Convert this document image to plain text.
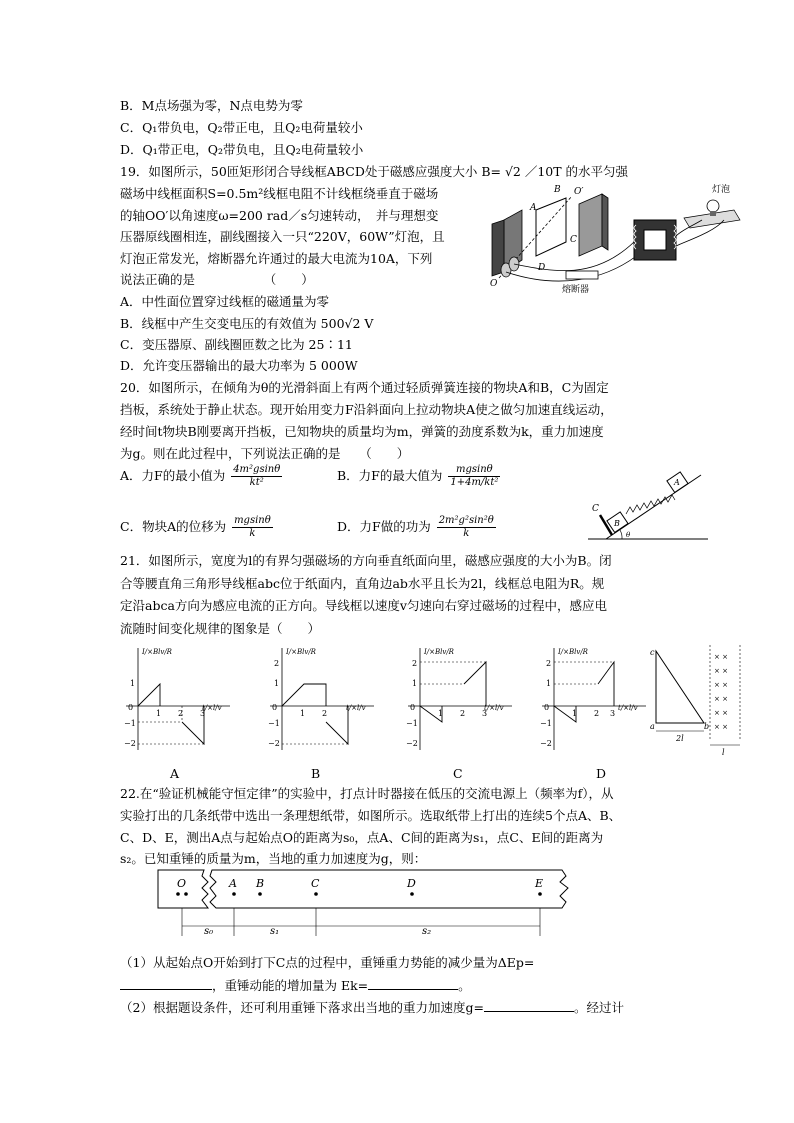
B．M点场强为零，N点电势为零
C．Q₁带负电，Q₂带正电，且Q₂电荷量较小
D．Q₁带正电，Q₂带负电，且Q₂电荷量较小
19．如图所示，50匝矩形闭合导线框ABCD处于磁感应强度大小 B= √2 ／10T 的水平匀强
磁场中线框面积S=0.5m²线框电阻不计线框绕垂直于磁场
的轴OO′以角速度ω=200 rad／s匀速转动，　并与理想变
压器原线圈相连，副线圈接入一只“220V，60W”灯泡，且
灯泡正常发光，熔断器允许通过的最大电流为10A，下列
说法正确的是　　　　　　（　　）
A．中性面位置穿过线框的磁通量为零
B．线框中产生交变电压的有效值为 500√2 V
C．变压器原、副线圈匝数之比为 25∶11
D．允许变压器输出的最大功率为 5 000W
灯泡
熔断器
A
B
C
D
O
O′
20．如图所示，在倾角为θ的光滑斜面上有两个通过轻质弹簧连接的物块A和B，C为固定
挡板，系统处于静止状态。现开始用变力F沿斜面向上拉动物块A使之做匀加速直线运动，
经时间t物块B刚要离开挡板，已知物块的质量均为m，弹簧的劲度系数为k，重力加速度
为g。则在此过程中，下列说法正确的是　　（　　）
A．力F的最小值为 $\frac{\text{4m²gsinθ}}{\text{kt²}}$	B．力F的最大值为 $\frac{mgsin\theta}{\text{1+4m/kt²}}$
C．物块A的位移为 $\frac{mgsin\theta}{k}$	D．力F做的功为 $\frac{\text{2m²g²sin²θ}}{k}$
C
B
A
θ
21．如图所示，宽度为l的有界匀强磁场的方向垂直纸面向里，磁感应强度的大小为B。闭
合等腰直角三角形导线框abc位于纸面内，直角边ab水平且长为2l，线框总电阻为R。规
定沿abca方向为感应电流的正方向。导线框以速度v匀速向右穿过磁场的过程中，感应电
流随时间变化规律的图象是（　　）
I/×Blv/R
t/×l/v
1
0
−1
−2
1 2 3
I/×Blv/R
t/×l/v
2
1
0
−1
−2
1 2
I/×Blv/R
t/×l/v
2
1
0
−1
−2
1 2 3
I/×Blv/R
t/×l/v
2
1
0
−1
−2
1 2 3
× ×
× ×
× ×
× ×
× ×
× ×
c
a	b
2l
l
A	B	C	D
22.在“验证机械能守恒定律”的实验中，打点计时器接在低压的交流电源上（频率为f），从
实验打出的几条纸带中选出一条理想纸带，如图所示。选取纸带上打出的连续5个点A、B、
C、D、E，测出A点与起始点O的距离为s₀，点A、C间的距离为s₁，点C、E间的距离为
s₂。已知重锤的质量为m，当地的重力加速度为g，则：
O	A B	C	D	E
s₀	s₁	s₂
（1）从起始点O开始到打下C点的过程中，重锤重力势能的减少量为ΔEp=
，重锤动能的增加量为 Ek=	。
（2）根据题设条件，还可利用重锤下落求出当地的重力加速度g=	。经过计
